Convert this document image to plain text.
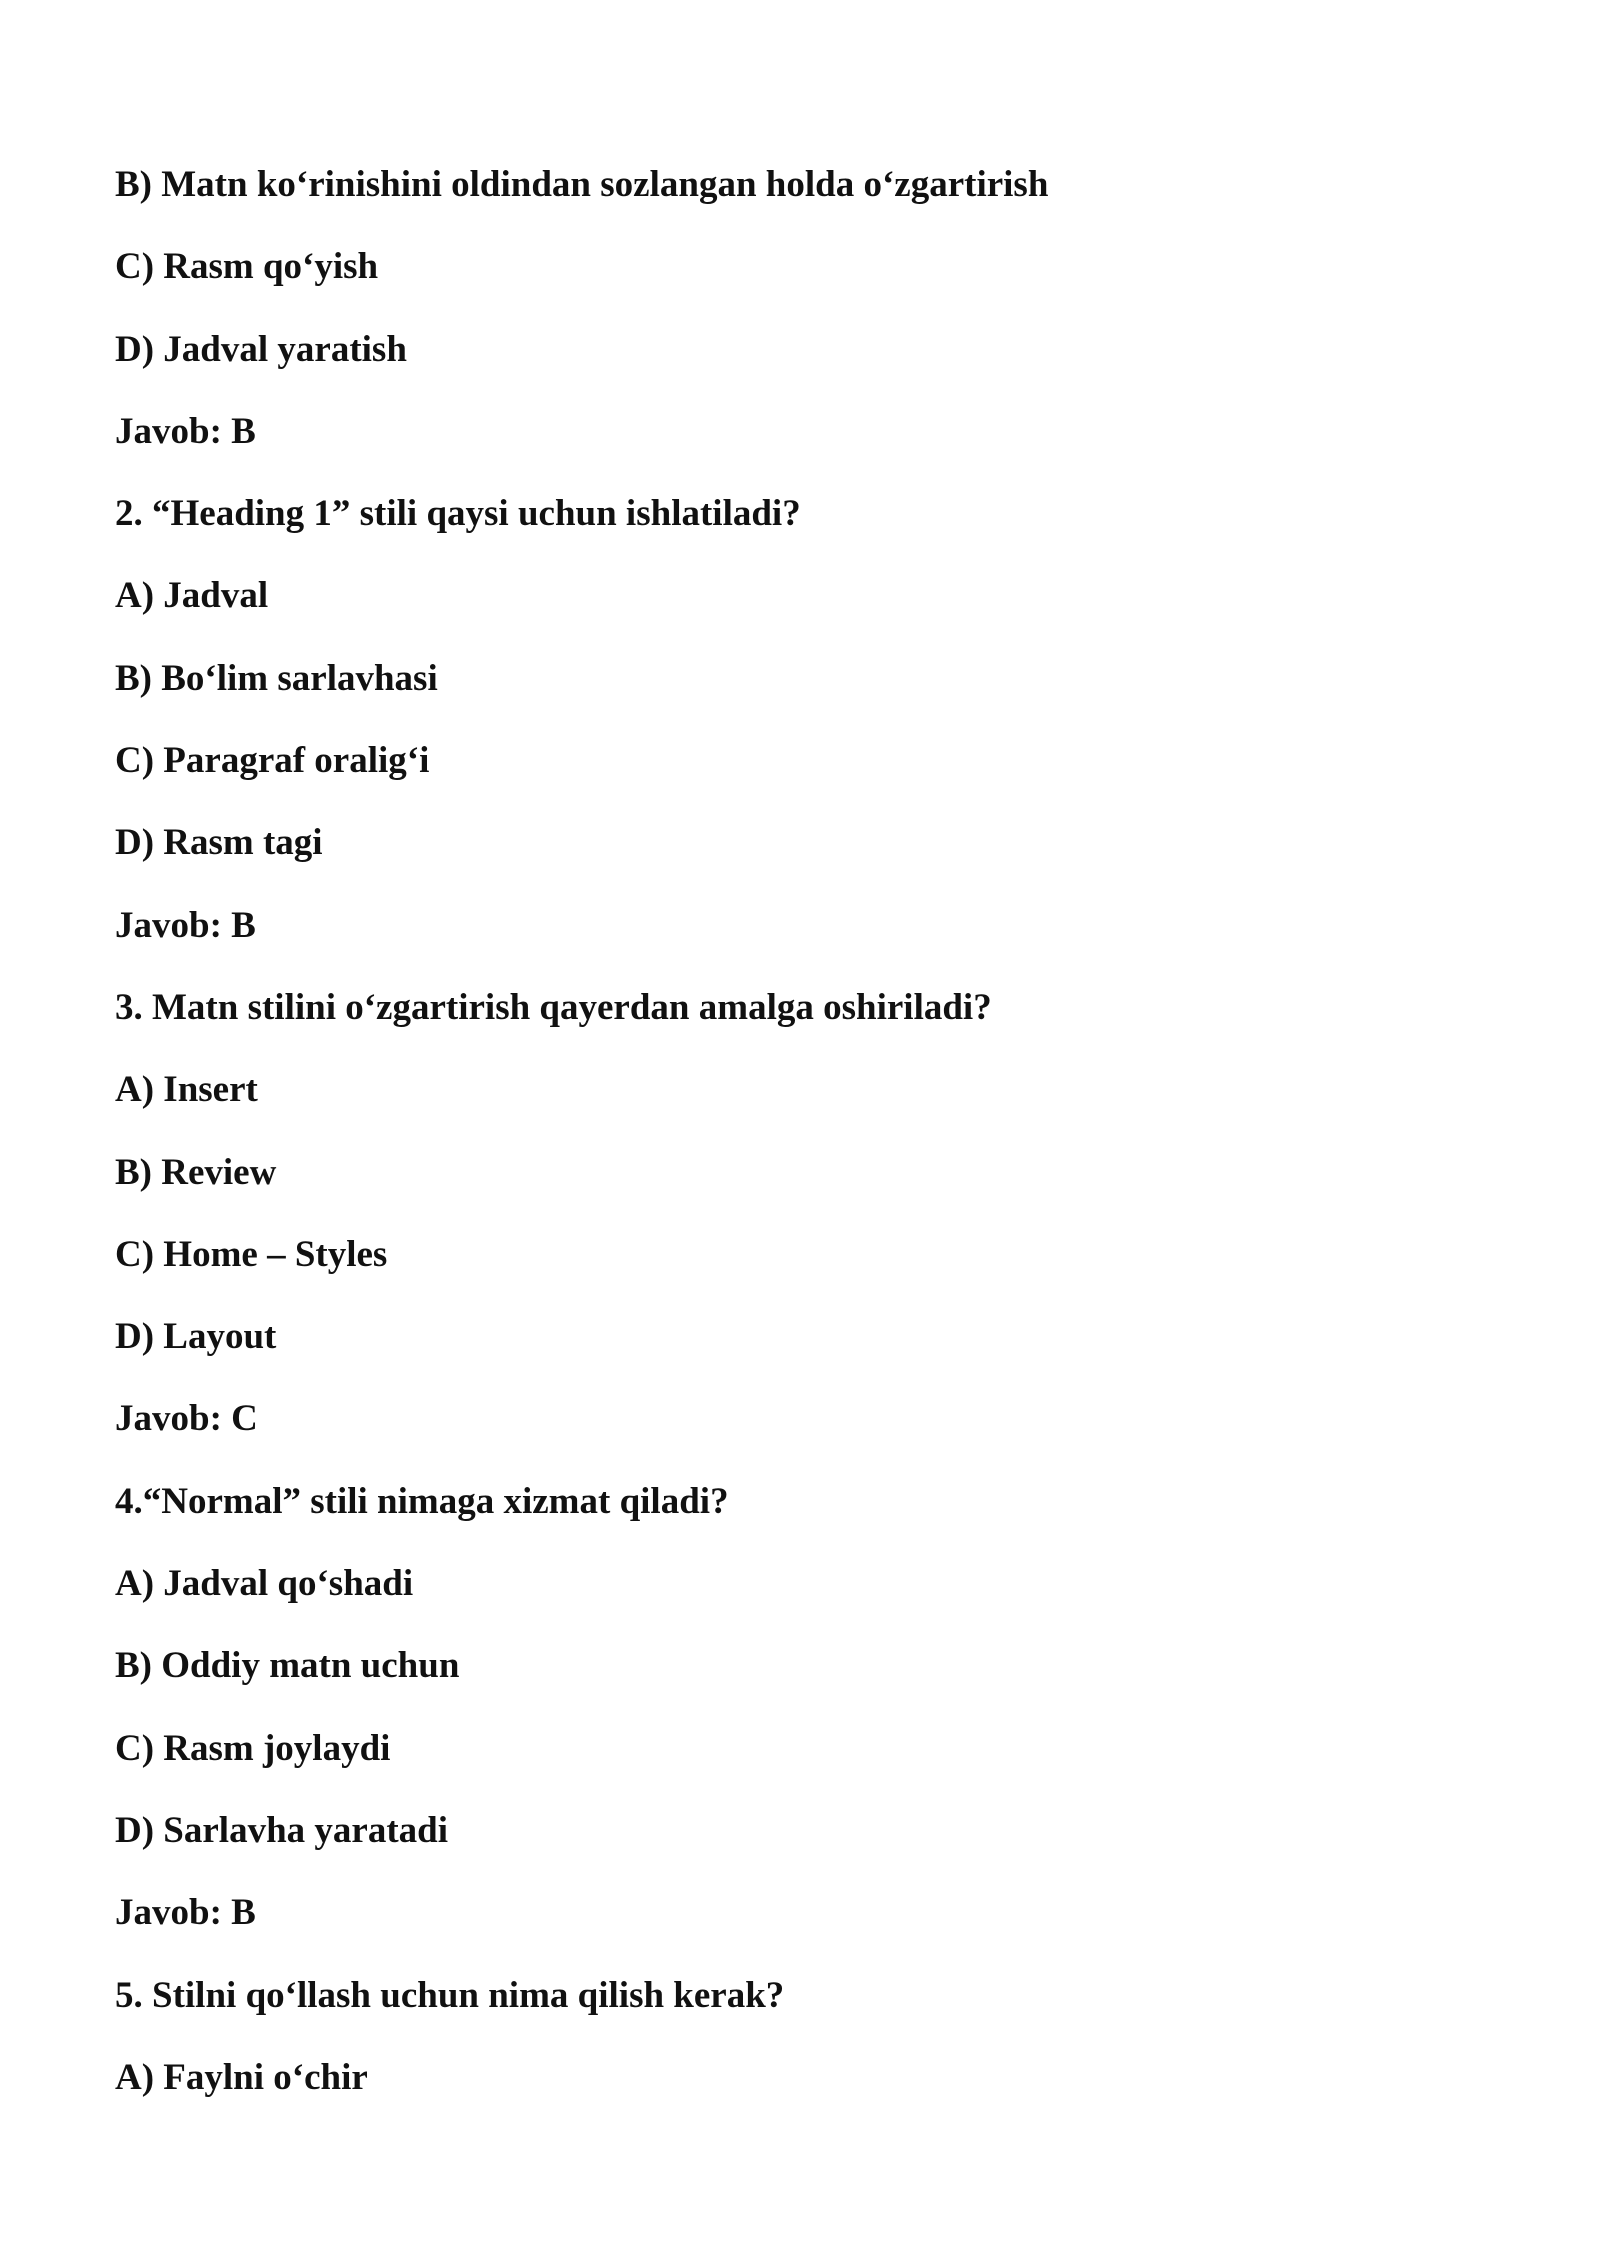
B) Matn ko‘rinishini oldindan sozlangan holda o‘zgartirish
C) Rasm qo‘yish
D) Jadval yaratish
Javob: B
2. “Heading 1” stili qaysi uchun ishlatiladi?
A) Jadval
B) Bo‘lim sarlavhasi
C) Paragraf oralig‘i
D) Rasm tagi
Javob: B
3. Matn stilini o‘zgartirish qayerdan amalga oshiriladi?
A) Insert
B) Review
C) Home – Styles
D) Layout
Javob: C
4.“Normal” stili nimaga xizmat qiladi?
A) Jadval qo‘shadi
B) Oddiy matn uchun
C) Rasm joylaydi
D) Sarlavha yaratadi
Javob: B
5. Stilni qo‘llash uchun nima qilish kerak?
A) Faylni o‘chir
